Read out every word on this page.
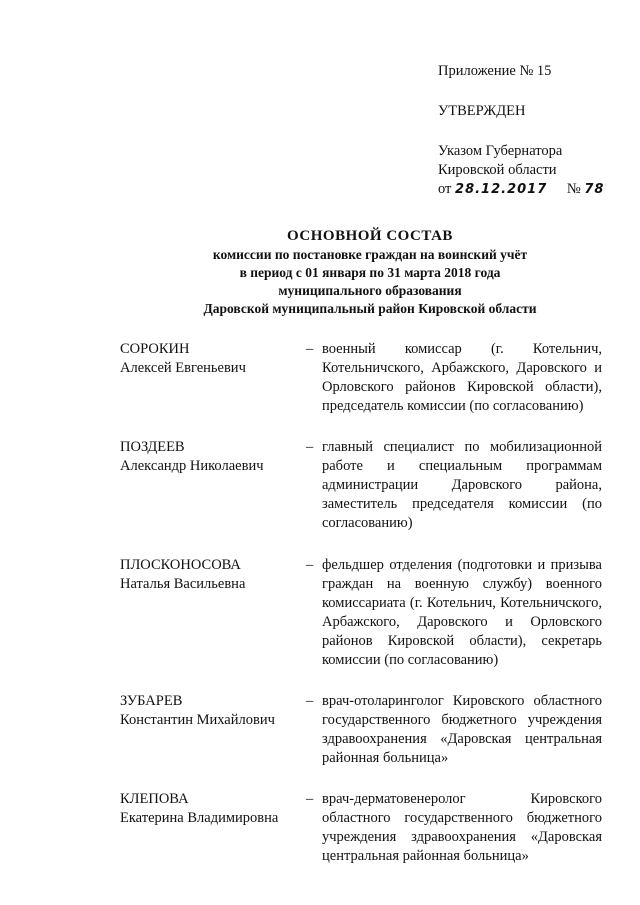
Приложение № 15
УТВЕРЖДЕН
Указом Губернатора
Кировской области
от 28.12.2017 № 78
ОСНОВНОЙ СОСТАВ
комиссии по постановке граждан на воинский учёт
в период с 01 января по 31 марта 2018 года
муниципального образования
Даровской муниципальный район Кировской области
СОРОКИН
Алексей Евгеньевич
– военный комиссар (г. Котельнич, Котельничского, Арбажского, Даровского и Орловского районов Кировской области), председатель комиссии (по согласованию)
ПОЗДЕЕВ
Александр Николаевич
– главный специалист по мобилизационной работе и специальным программам администрации Даровского района, заместитель председателя комиссии (по согласованию)
ПЛОСКОНОСОВА
Наталья Васильевна
– фельдшер отделения (подготовки и призыва граждан на военную службу) военного комиссариата (г. Котельнич, Котельничского, Арбажского, Даровского и Орловского районов Кировской области), секретарь комиссии (по согласованию)
ЗУБАРЕВ
Константин Михайлович
– врач-отоларинголог Кировского областного государственного бюджетного учреждения здравоохранения «Даровская центральная районная больница»
КЛЕПОВА
Екатерина Владимировна
– врач-дерматовенеролог Кировского областного государственного бюджетного учреждения здравоохранения «Даровская центральная районная больница»
